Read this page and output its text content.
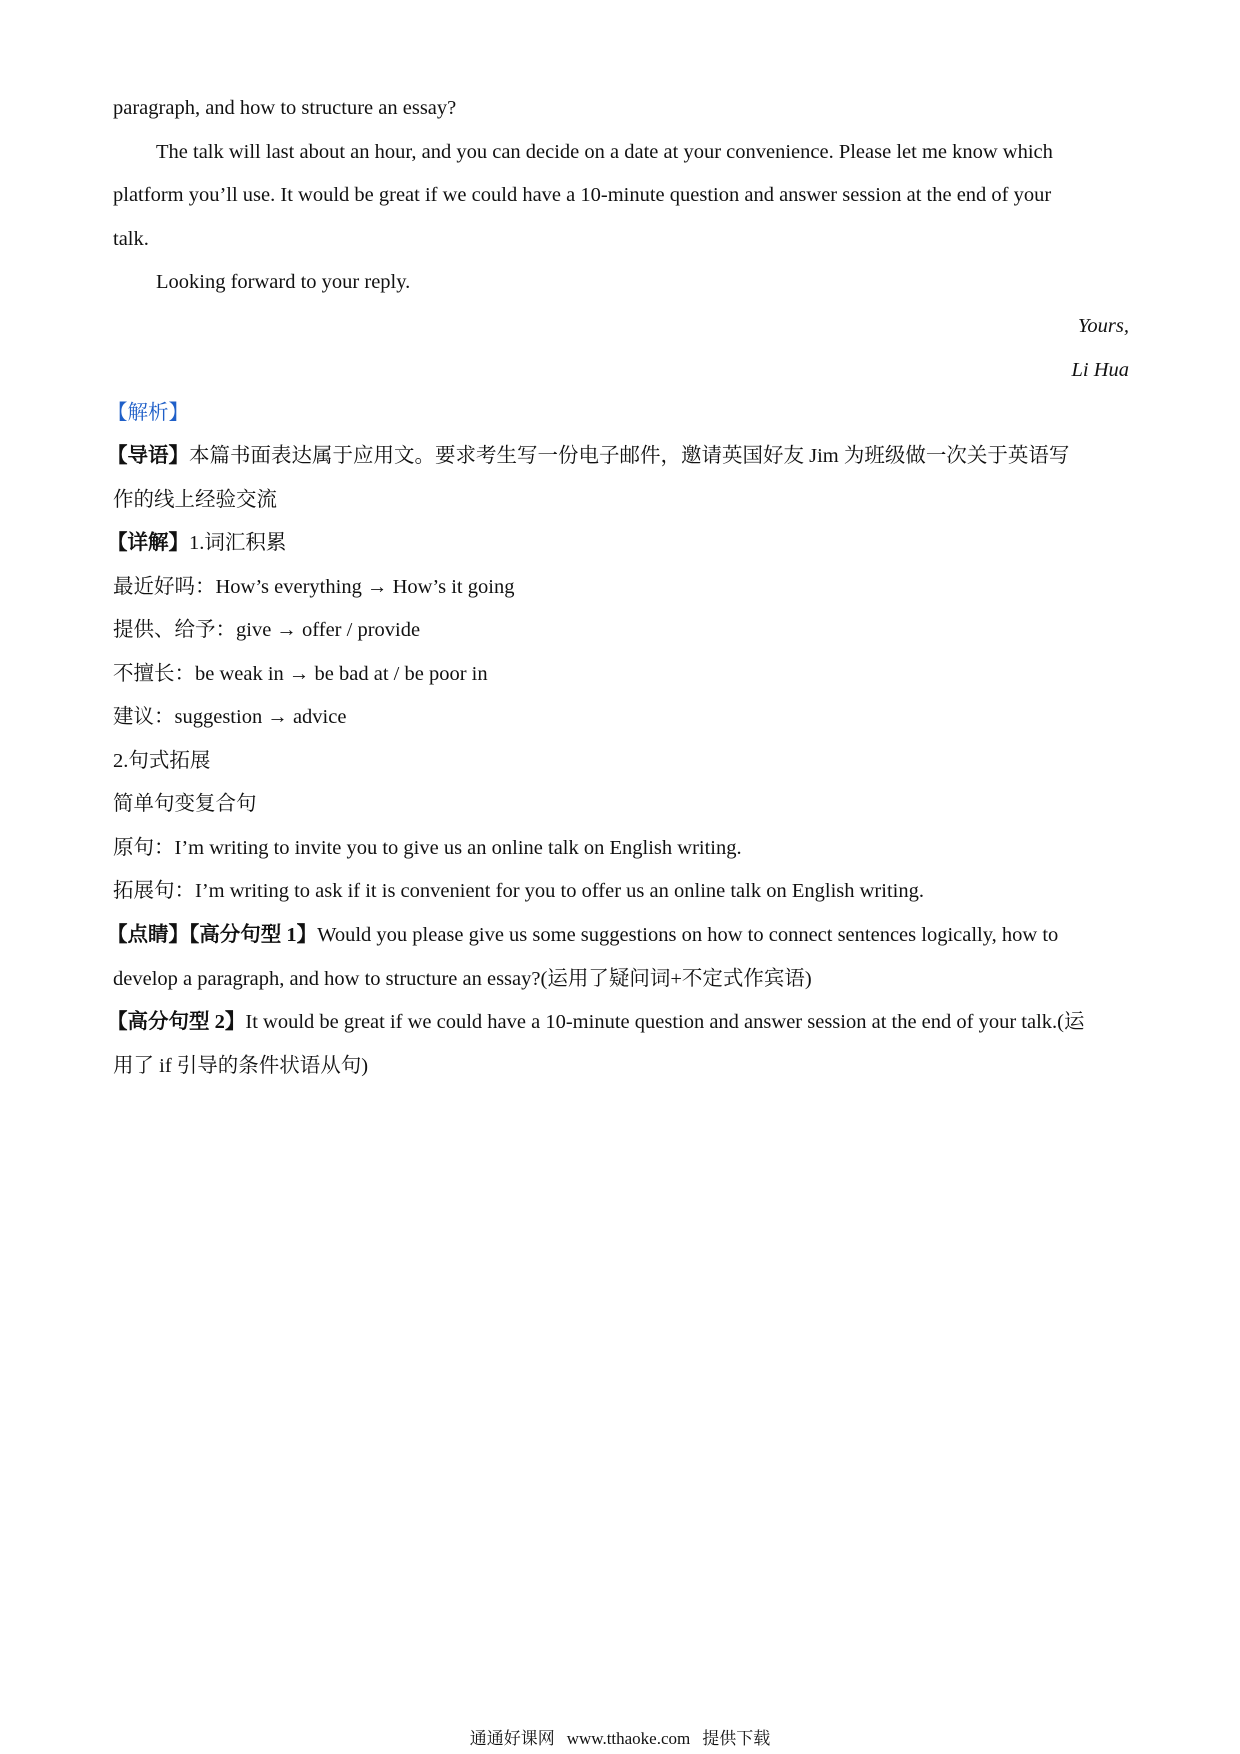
paragraph, and how to structure an essay?
The talk will last about an hour, and you can decide on a date at your convenience. Please let me know which
platform you’ll use. It would be great if we could have a 10-minute question and answer session at the end of your
talk.
Looking forward to your reply.
Yours,
Li Hua
【解析】
【导语】本篇书面表达属于应用文。要求考生写一份电子邮件，邀请英国好友 Jim 为班级做一次关于英语写
作的线上经验交流
【详解】1.词汇积累
最近好吗：How’s everything → How’s it going
提供、给予：give → offer / provide
不擅长：be weak in → be bad at / be poor in
建议：suggestion → advice
2.句式拓展
简单句变复合句
原句：I’m writing to invite you to give us an online talk on English writing.
拓展句：I’m writing to ask if it is convenient for you to offer us an online talk on English writing.
【点睛】【高分句型 1】Would you please give us some suggestions on how to connect sentences logically, how to
develop a paragraph, and how to structure an essay?(运用了疑问词+不定式作宾语)
【高分句型 2】It would be great if we could have a 10-minute question and answer session at the end of your talk.(运
用了 if 引导的条件状语从句)
通通好课网 www.tthaoke.com 提供下载
